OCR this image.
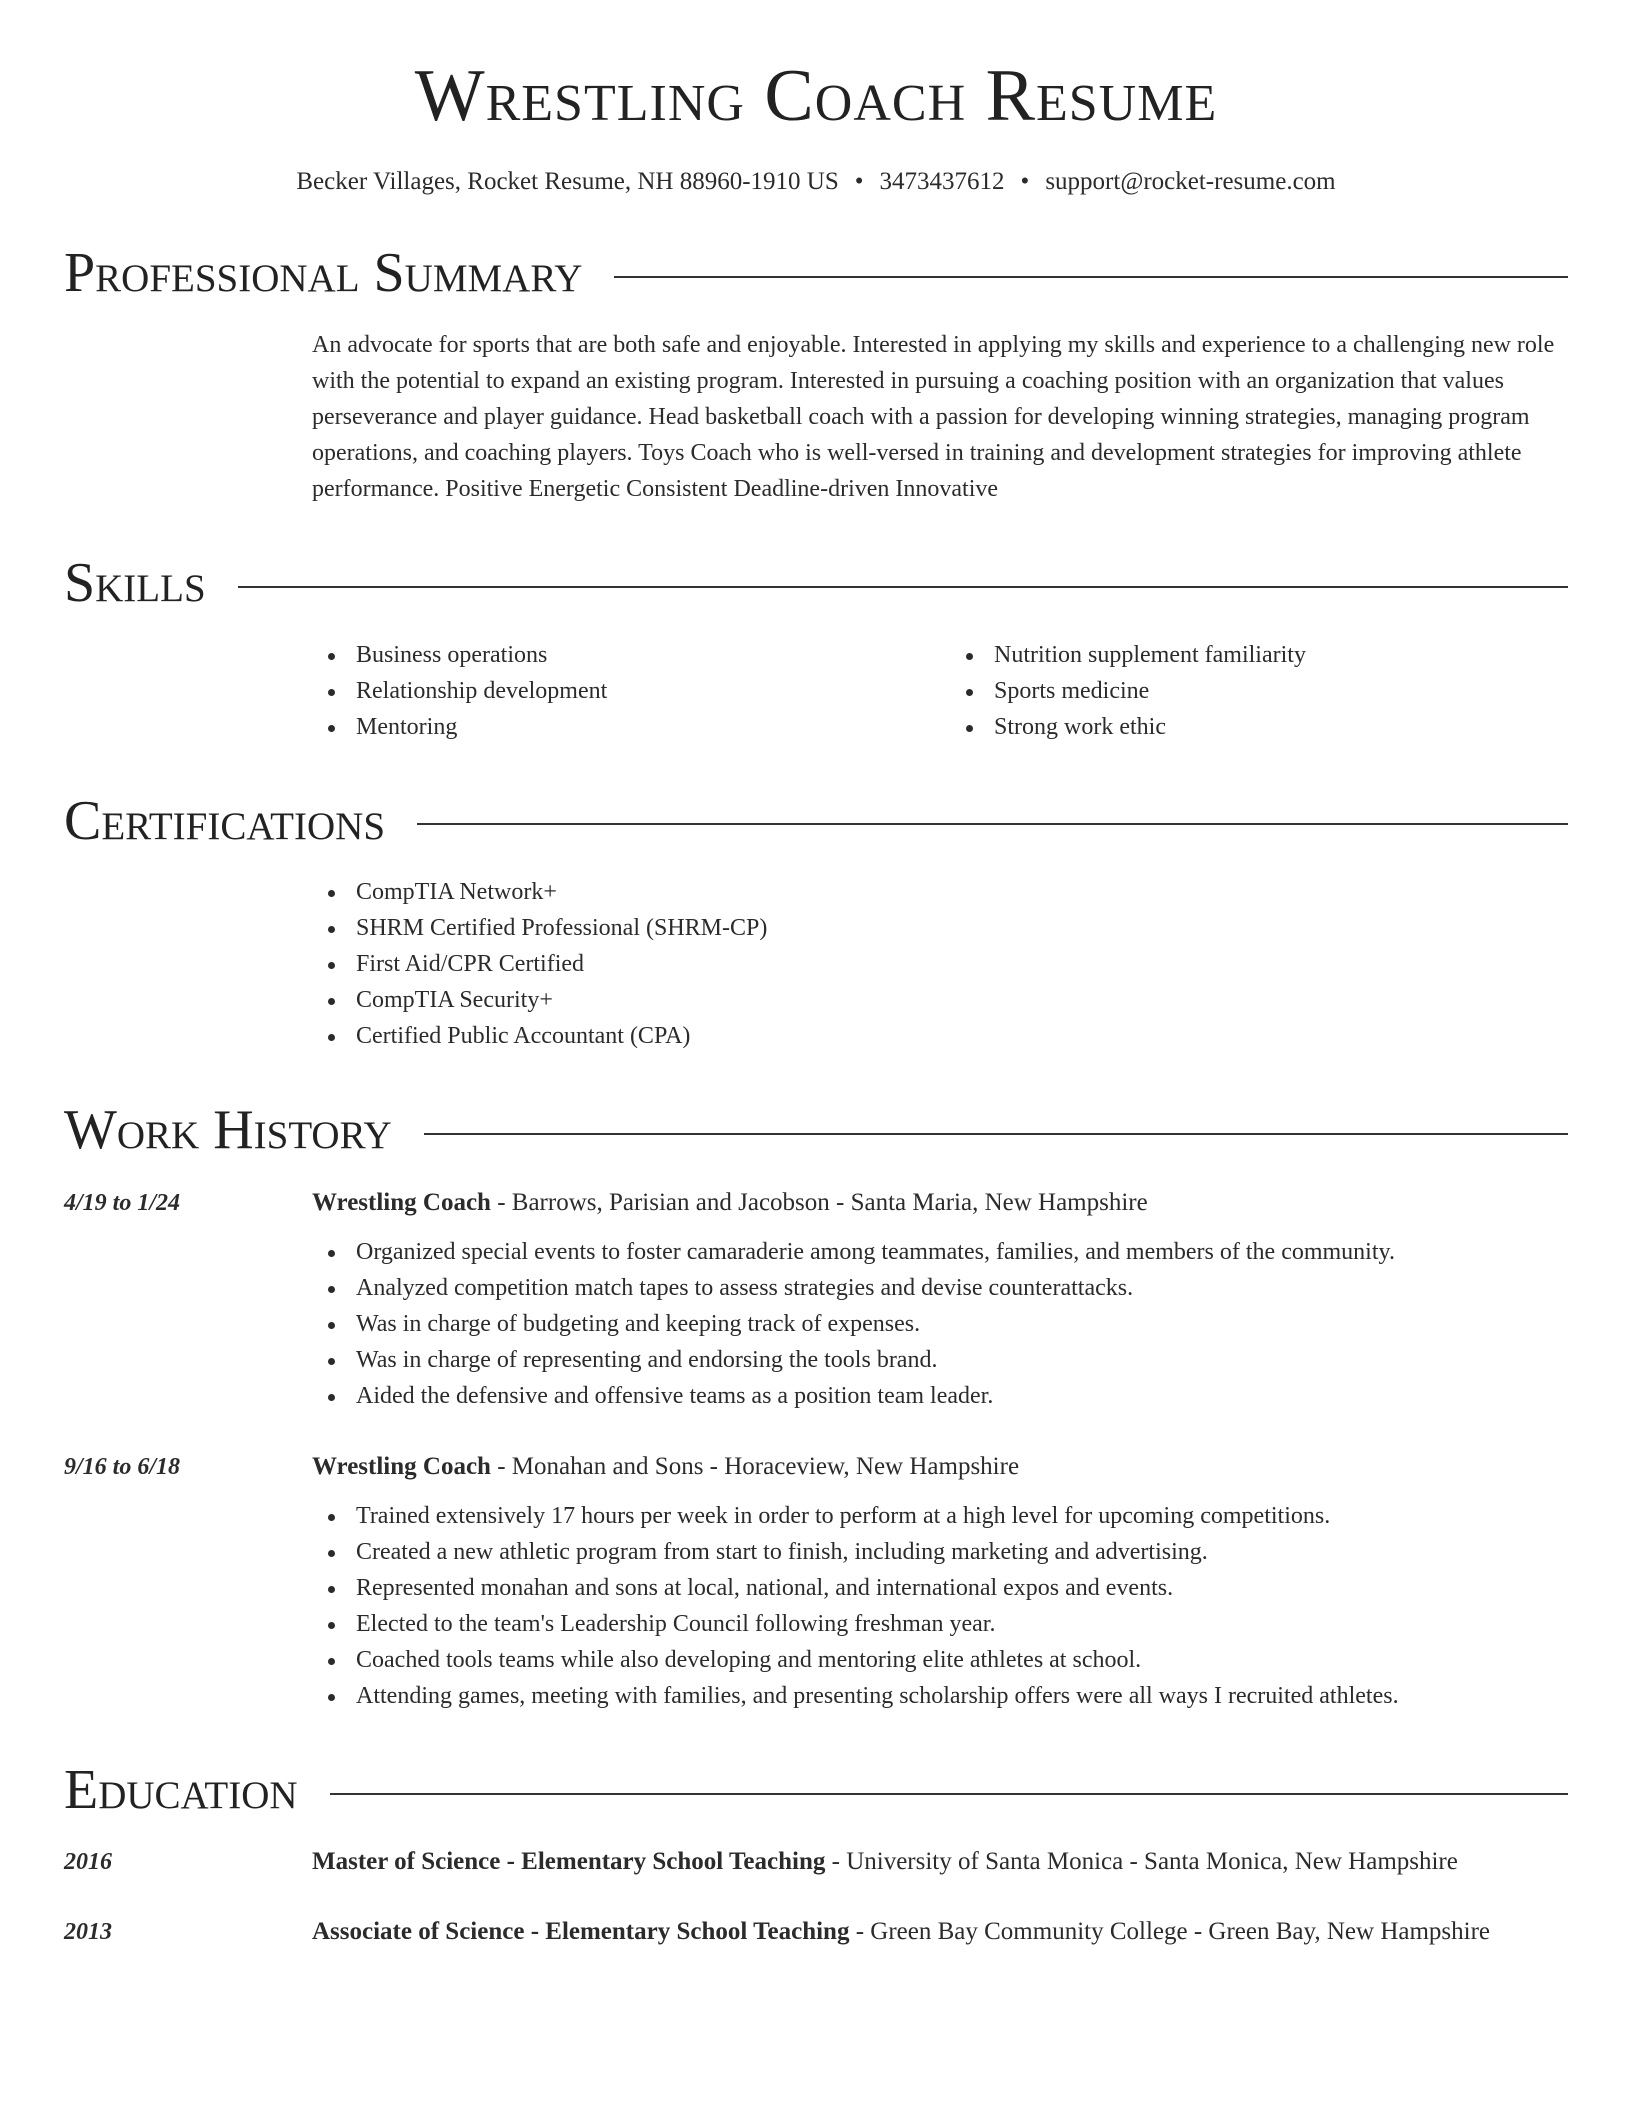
Wrestling Coach Resume
Becker Villages, Rocket Resume, NH 88960-1910 US • 3473437612 • support@rocket-resume.com
Professional Summary

An advocate for sports that are both safe and enjoyable. Interested in applying my skills and experience to a challenging new role with the potential to expand an existing program. Interested in pursuing a coaching position with an organization that values perseverance and player guidance. Head basketball coach with a passion for developing winning strategies, managing program operations, and coaching players. Toys Coach who is well-versed in training and development strategies for improving athlete performance. Positive Energetic Consistent Deadline-driven Innovative

Skills
Business operations
Relationship development
Mentoring
Nutrition supplement familiarity
Sports medicine
Strong work ethic
Certifications
CompTIA Network+
SHRM Certified Professional (SHRM-CP)
First Aid/CPR Certified
CompTIA Security+
Certified Public Accountant (CPA)
Work History
4/19 to 1/24	Wrestling Coach - Barrows, Parisian and Jacobson - Santa Maria, New Hampshire
Organized special events to foster camaraderie among teammates, families, and members of the community.
Analyzed competition match tapes to assess strategies and devise counterattacks.
Was in charge of budgeting and keeping track of expenses.
Was in charge of representing and endorsing the tools brand.
Aided the defensive and offensive teams as a position team leader.
9/16 to 6/18	Wrestling Coach - Monahan and Sons - Horaceview, New Hampshire
Trained extensively 17 hours per week in order to perform at a high level for upcoming competitions.
Created a new athletic program from start to finish, including marketing and advertising.
Represented monahan and sons at local, national, and international expos and events.
Elected to the team's Leadership Council following freshman year.
Coached tools teams while also developing and mentoring elite athletes at school.
Attending games, meeting with families, and presenting scholarship offers were all ways I recruited athletes.
Education
2016	Master of Science - Elementary School Teaching - University of Santa Monica - Santa Monica, New Hampshire
2013	Associate of Science - Elementary School Teaching - Green Bay Community College - Green Bay, New Hampshire
